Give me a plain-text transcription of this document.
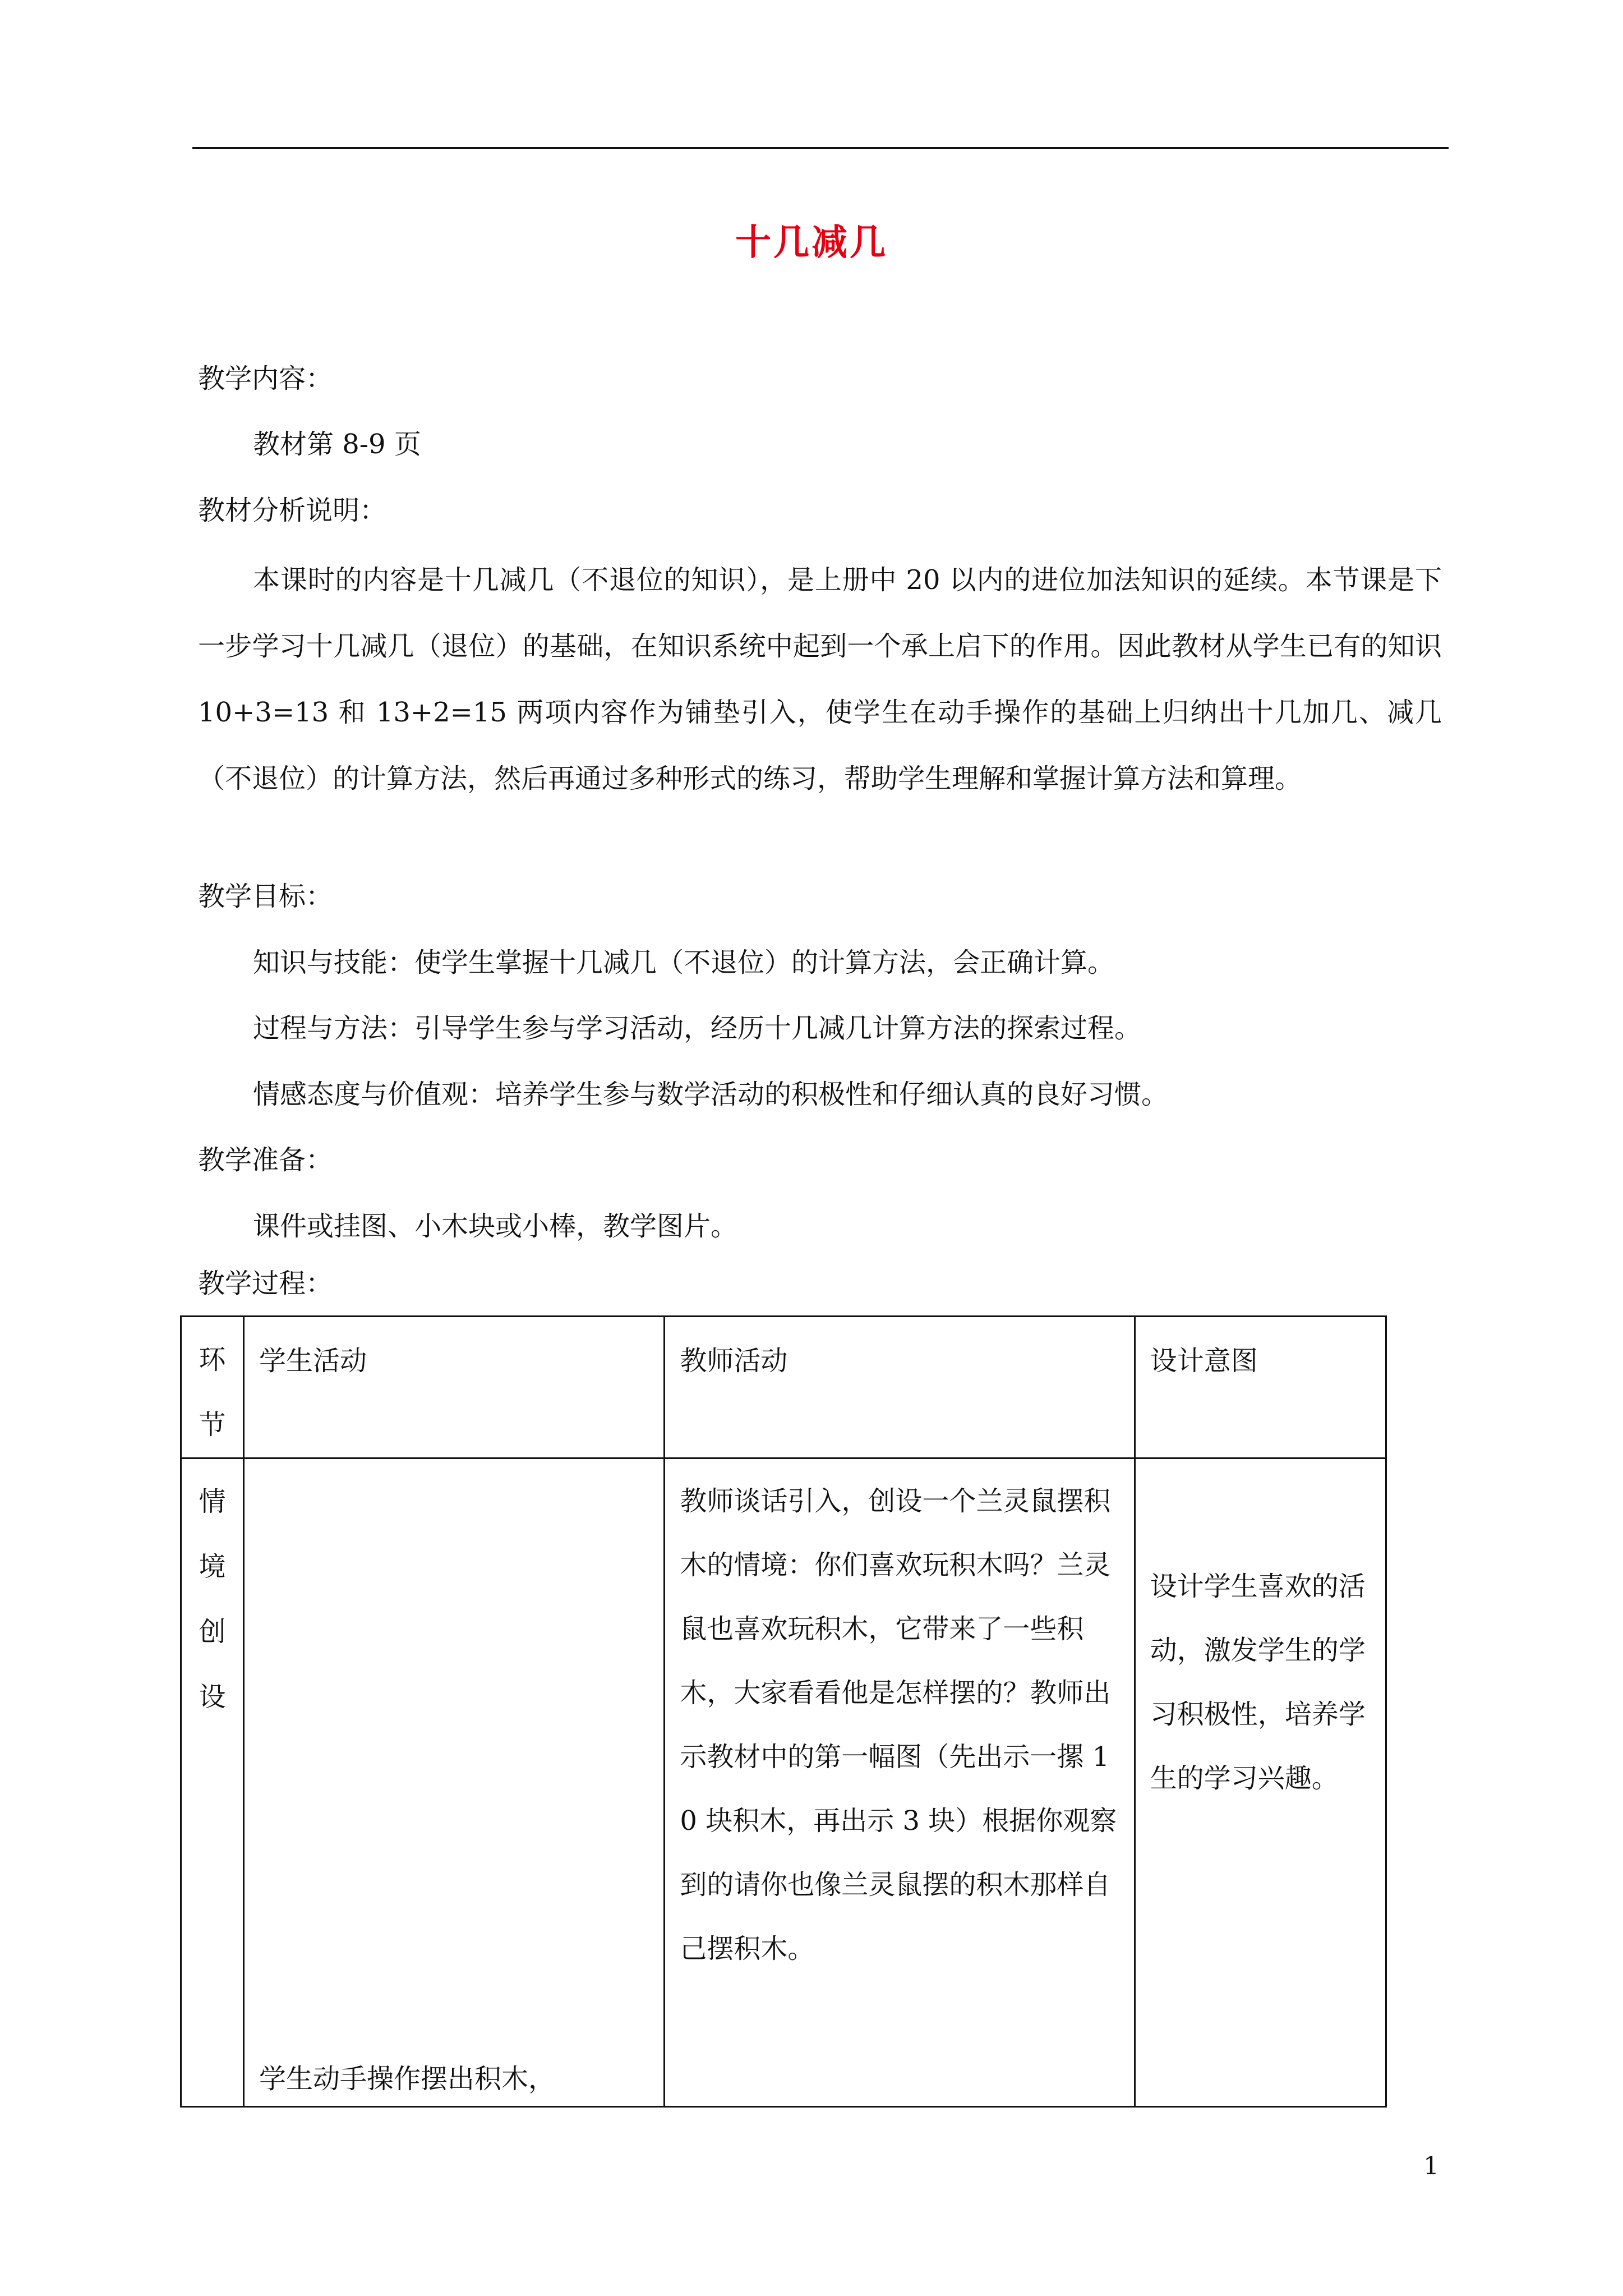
十几减几
教学内容：
教材第 8-9 页
教材分析说明：
本课时的内容是十几减几（不退位的知识），是上册中 20 以内的进位加法知识的延续。本节课是下一步学习十几减几（退位）的基础，在知识系统中起到一个承上启下的作用。因此教材从学生已有的知识 10+3=13 和 13+2=15 两项内容作为铺垫引入，使学生在动手操作的基础上归纳出十几加几、减几（不退位）的计算方法，然后再通过多种形式的练习，帮助学生理解和掌握计算方法和算理。
教学目标：
知识与技能：使学生掌握十几减几（不退位）的计算方法，会正确计算。
过程与方法：引导学生参与学习活动，经历十几减几计算方法的探索过程。
情感态度与价值观：培养学生参与数学活动的积极性和仔细认真的良好习惯。
教学准备：
课件或挂图、小木块或小棒，教学图片。
教学过程：
环
节	学生活动	教师活动	设计意图

情
境
创
设	学生动手操作摆出积木，	教师谈话引入，创设一个兰灵鼠摆积木的情境：你们喜欢玩积木吗？兰灵鼠也喜欢玩积木，它带来了一些积木，大家看看他是怎样摆的？教师出示教材中的第一幅图（先出示一摞 10 块积木，再出示 3 块）根据你观察到的请你也像兰灵鼠摆的积木那样自己摆积木。	设计学生喜欢的活动，激发学生的学习积极性，培养学生的学习兴趣。
1
